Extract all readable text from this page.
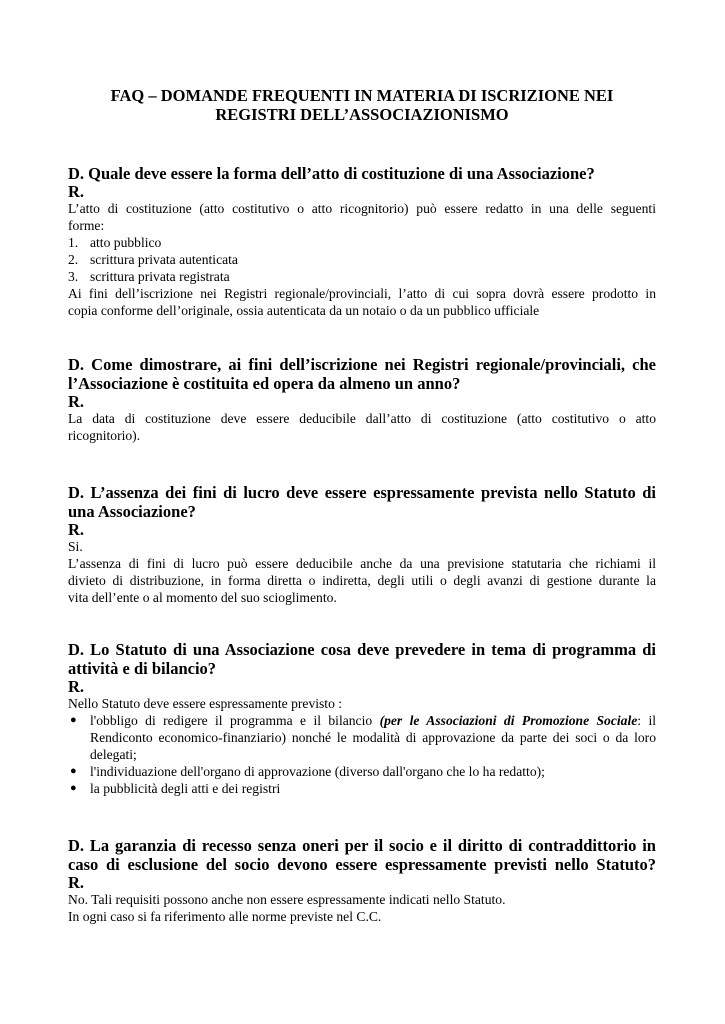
FAQ – DOMANDE FREQUENTI IN MATERIA DI ISCRIZIONE NEI
REGISTRI DELL’ASSOCIAZIONISMO
D. Quale deve essere la forma dell’atto di costituzione di una Associazione?
R.
L’atto di costituzione (atto costitutivo o atto ricognitorio) può essere redatto in una delle seguenti
forme:
1. atto pubblico
2. scrittura privata autenticata
3. scrittura privata registrata
Ai fini dell’iscrizione nei Registri regionale/provinciali, l’atto di cui sopra dovrà essere prodotto in
copia conforme dell’originale, ossia autenticata da un notaio o da un pubblico ufficiale
D. Come dimostrare, ai fini dell’iscrizione nei Registri regionale/provinciali, che
l’Associazione è costituita ed opera da almeno un anno?
R.
La data di costituzione deve essere deducibile dall’atto di costituzione (atto costitutivo o atto
ricognitorio).
D. L’assenza dei fini di lucro deve essere espressamente prevista nello Statuto di
una Associazione?
R.
Si.
L’assenza di fini di lucro può essere deducibile anche da una previsione statutaria che richiami il
divieto di distribuzione, in forma diretta o indiretta, degli utili o degli avanzi di gestione durante la
vita dell’ente o al momento del suo scioglimento.
D. Lo Statuto di una Associazione cosa deve prevedere in tema di programma di
attività e di bilancio?
R.
Nello Statuto deve essere espressamente previsto :
● l'obbligo di redigere il programma e il bilancio (per le Associazioni di Promozione Sociale: il Rendiconto economico-finanziario) nonché le modalità di approvazione da parte dei soci o da loro delegati;
● l'individuazione dell'organo di approvazione (diverso dall'organo che lo ha redatto);
● la pubblicità degli atti e dei registri
D. La garanzia di recesso senza oneri per il socio e il diritto di contraddittorio in
caso di esclusione del socio devono essere espressamente previsti nello Statuto?
R.
No. Tali requisiti possono anche non essere espressamente indicati nello Statuto.
In ogni caso si fa riferimento alle norme previste nel C.C.
